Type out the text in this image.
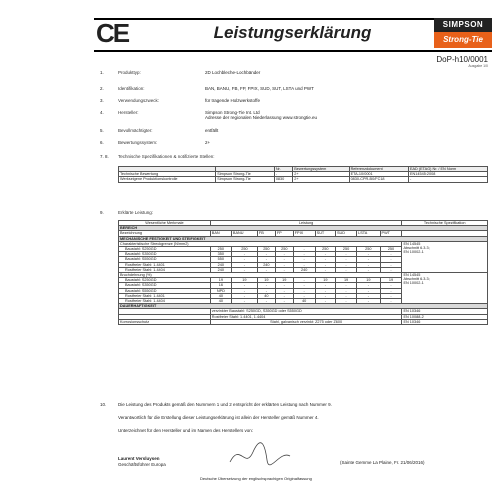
CE	Leistungserklärung	SIMPSON
Strong-Tie
DoP-h10/0001
Ausgabe 1/0
1.	Produkttyp:	2D Lochbleche-Lochbänder
2.	Identifikation:	BAN, BANU, FB, FP, FPIX, SUD, SUT, LSTA und PWT
3.	Verwendungszweck:	für tragende Holzwerkstoffe
4.	Hersteller:	Simpson Strong-Tie Int. Ltd
Adresse der regionalen Niederlassung www.strongtie.eu
5.	Bevollmächtigter:	entfällt
6.	Bewertungssystem:	2+
7. 8. Technische Spezifikationen & notifizierte Stellen:
		Nr.	Bewertungssystem	Referenzdokument	EAD (ETAG) Nr. / EN Norm
Technische Bewertung	Simpson Strong-Tie	-	2+	ETA-10/0001	EN14545:2008
Werkseigene Produktionskontrolle	Simpson Strong-Tie	0830	2+	0830-CPR-B0/FC18	-
9.	Erklärte Leistung:
Wesentliche Merkmale	Leistung									Technische Spezifikation
BEREICH										
Bezeichnung	BAN	BANU	FB	FP	FPIX	SUT	SUD	LSTA	PWT	
MECHANISCHE FESTIGKEIT UND STEIFIGKEIT										
Charakteristische Streckgrenze (N/mm2)										EN 14545
Abschnitt 6.3.3;
EN 10002-1

Baustahl: S250GD	250	250	250	250	-	250	250	250	250	
Baustahl: S350GD	350	-	-	-	-	-	-	-	-	
Baustahl: S550GD	550	-	-	-	-	-	-	-	-	
Rostfreier Stahl: 1.4401	240	-	240	-	-	-	-	-	-	
Rostfreier Stahl: 1.4404	240	-	-	-	240	-	-	-	-	
Bruchdehnung (%)										EN 14545
Abschnitt 6.3.3;
EN 10002-1

Baustahl: S250GD	19	19	19	19	-	19	19	19	19	
Baustahl: S350GD	16	-	-	-	-	-	-	-	-	
Baustahl: S550GD	NPD	-	-	-	-	-	-	-	-	
Rostfreier Stahl: 1.4401	40	-	40	-	-	-	-	-	-	
Rostfreier Stahl: 1.4404	40	-	-	-	40	-	-	-	-	
DAUERHAFTIGKEIT										
	verzinkter Baustahl: S250GD, S350GD oder S550GD									EN 10346
	Rostfreier Stahl: 1.4401, 1.4404									EN 10088-2
Korrosionsschutz	Stahl, galvanisch verzinkt: Z275 oder Z600									EN 10346
10.	Die Leistung des Produkts gemäß den Nummern 1 und 2 entspricht der erklärten Leistung nach Nummer 9.
Verantwortlich für die Erstellung dieser Leistungserklärung ist allein der Hersteller gemäß Nummer 4.
Unterzeichnet für den Hersteller und im Namen des Herstellers von:
Laurent Versluysen
Geschäftsführer Europa	(Sainte Gemme La Plaine, Fr. 21/06/2016)
Deutsche Übersetzung der englischsprachigen Originalfassung
